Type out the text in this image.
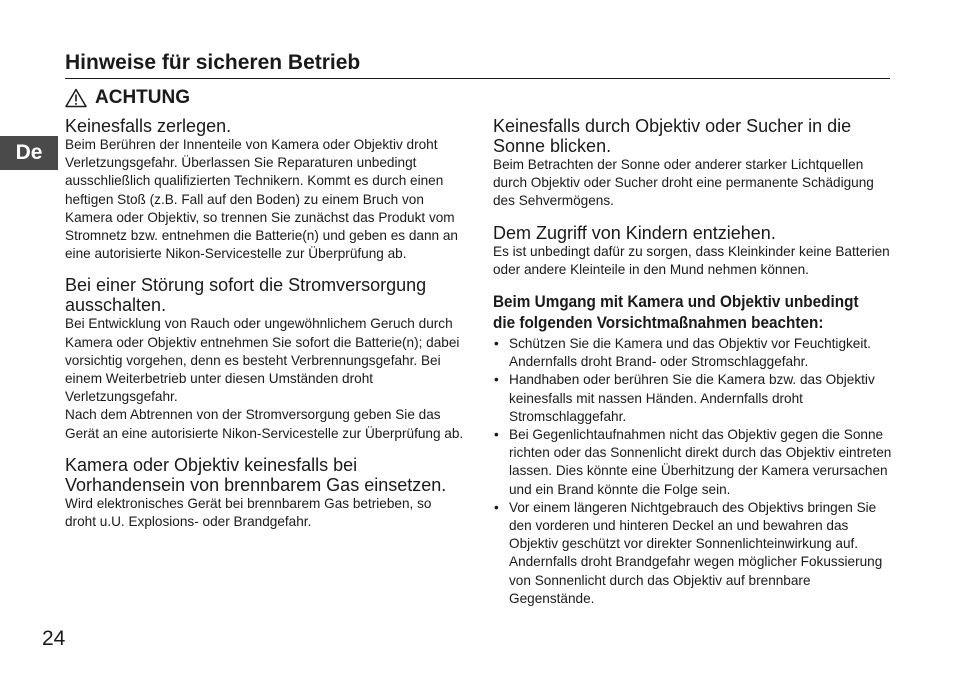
Hinweise für sicheren Betrieb
ACHTUNG
De
Keinesfalls zerlegen.

Beim Berühren der Innenteile von Kamera oder Objektiv droht Verletzungsgefahr. Überlassen Sie Reparaturen unbedingt ausschließlich qualifizierten Technikern. Kommt es durch einen heftigen Stoß (z.B. Fall auf den Boden) zu einem Bruch von Kamera oder Objektiv, so trennen Sie zunächst das Produkt vom Stromnetz bzw. entnehmen die Batterie(n) und geben es dann an eine autorisierte Nikon-Servicestelle zur Überprüfung ab.

Bei einer Störung sofort die Stromversorgung ausschalten.

Bei Entwicklung von Rauch oder ungewöhnlichem Geruch durch Kamera oder Objektiv entnehmen Sie sofort die Batterie(n); dabei vorsichtig vorgehen, denn es besteht Verbrennungsgefahr. Bei einem Weiterbetrieb unter diesen Umständen droht Verletzungsgefahr.

Nach dem Abtrennen von der Stromversorgung geben Sie das Gerät an eine autorisierte Nikon-Servicestelle zur Überprüfung ab.

Kamera oder Objektiv keinesfalls bei Vorhandensein von brennbarem Gas einsetzen.

Wird elektronisches Gerät bei brennbarem Gas betrieben, so droht u.U. Explosions- oder Brandgefahr.

Keinesfalls durch Objektiv oder Sucher in die Sonne blicken.

Beim Betrachten der Sonne oder anderer starker Lichtquellen durch Objektiv oder Sucher droht eine permanente Schädigung des Sehvermögens.

Dem Zugriff von Kindern entziehen.

Es ist unbedingt dafür zu sorgen, dass Kleinkinder keine Batterien oder andere Kleinteile in den Mund nehmen können.

Beim Umgang mit Kamera und Objektiv unbedingt
die folgenden Vorsichtmaßnahmen beachten:
• Schützen Sie die Kamera und das Objektiv vor Feuchtigkeit. Andernfalls droht Brand- oder Stromschlaggefahr.
• Handhaben oder berühren Sie die Kamera bzw. das Objektiv keinesfalls mit nassen Händen. Andernfalls droht Stromschlaggefahr.
• Bei Gegenlichtaufnahmen nicht das Objektiv gegen die Sonne richten oder das Sonnenlicht direkt durch das Objektiv eintreten lassen. Dies könnte eine Überhitzung der Kamera verursachen und ein Brand könnte die Folge sein.
• Vor einem längeren Nichtgebrauch des Objektivs bringen Sie den vorderen und hinteren Deckel an und bewahren das Objektiv geschützt vor direkter Sonnenlichteinwirkung auf. Andernfalls droht Brandgefahr wegen möglicher Fokussierung von Sonnenlicht durch das Objektiv auf brennbare Gegenstände.
24
